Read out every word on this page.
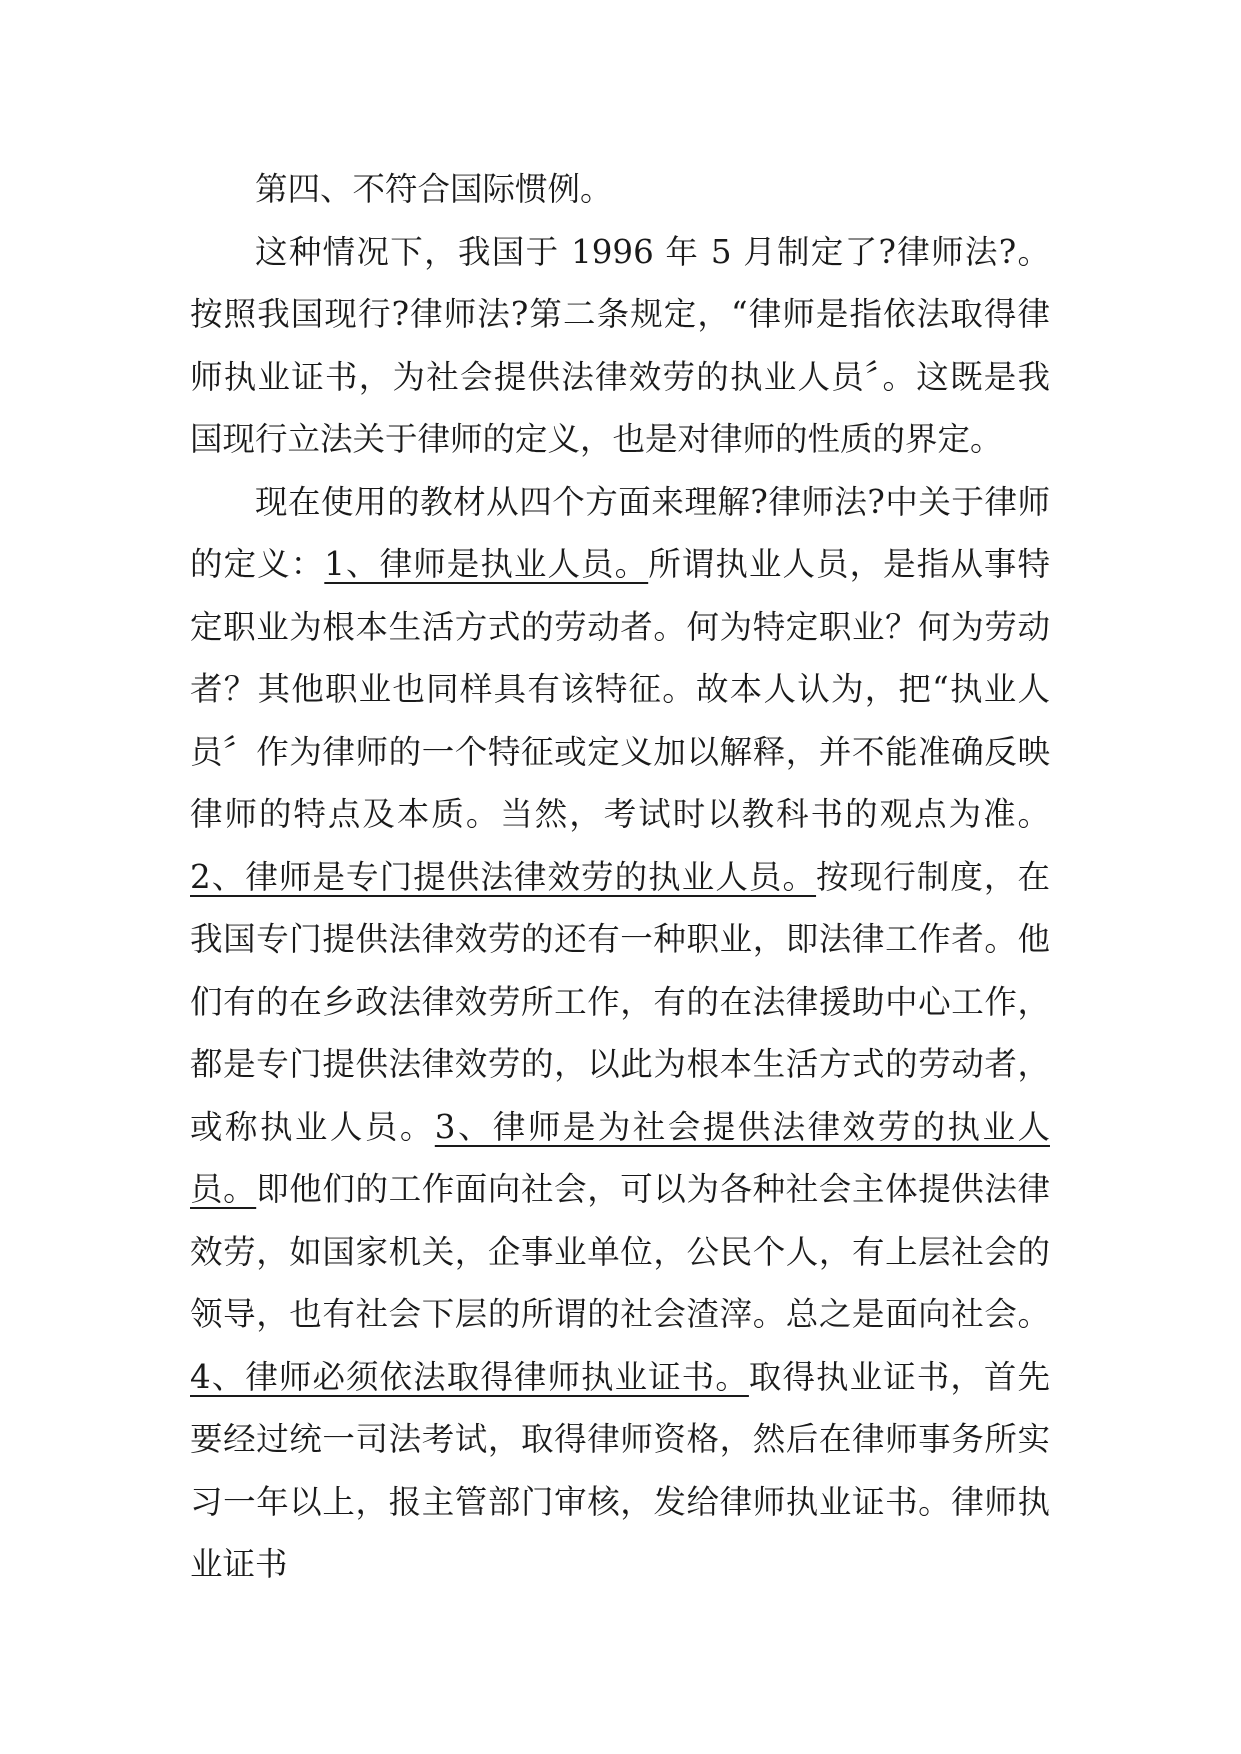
第四、不符合国际惯例。

这种情况下，我国于 1996 年 5 月制定了?律师法?。按照我国现行?律师法?第二条规定，“律师是指依法取得律师执业证书，为社会提供法律效劳的执业人员〞。这既是我国现行立法关于律师的定义，也是对律师的性质的界定。

现在使用的教材从四个方面来理解?律师法?中关于律师的定义：1、律师是执业人员。所谓执业人员，是指从事特定职业为根本生活方式的劳动者。何为特定职业？何为劳动者？其他职业也同样具有该特征。故本人认为，把“执业人员〞作为律师的一个特征或定义加以解释，并不能准确反映律师的特点及本质。当然，考试时以教科书的观点为准。2、律师是专门提供法律效劳的执业人员。按现行制度，在我国专门提供法律效劳的还有一种职业，即法律工作者。他们有的在乡政法律效劳所工作，有的在法律援助中心工作，都是专门提供法律效劳的，以此为根本生活方式的劳动者，或称执业人员。3、律师是为社会提供法律效劳的执业人员。即他们的工作面向社会，可以为各种社会主体提供法律效劳，如国家机关，企事业单位，公民个人，有上层社会的领导，也有社会下层的所谓的社会渣滓。总之是面向社会。4、律师必须依法取得律师执业证书。取得执业证书，首先要经过统一司法考试，取得律师资格，然后在律师事务所实习一年以上，报主管部门审核，发给律师执业证书。律师执业证书
